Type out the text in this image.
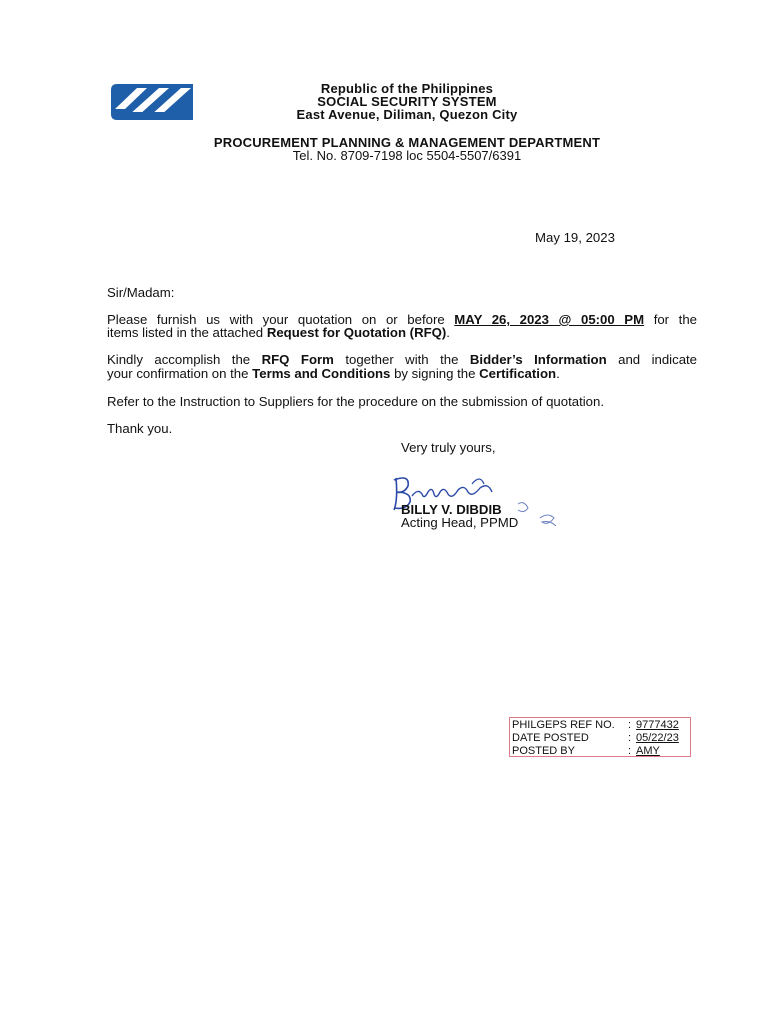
Republic of the Philippines

SOCIAL SECURITY SYSTEM

East Avenue, Diliman, Quezon City

PROCUREMENT PLANNING & MANAGEMENT DEPARTMENT

Tel. No. 8709-7198 loc 5504-5507/6391

May 19, 2023

Sir/Madam:

Please furnish us with your quotation on or before MAY 26, 2023 @ 05:00 PM for the

items listed in the attached Request for Quotation (RFQ).

Kindly accomplish the RFQ Form together with the Bidder’s Information and indicate

your confirmation on the Terms and Conditions by signing the Certification.

Refer to the Instruction to Suppliers for the procedure on the submission of quotation.

Thank you.

Very truly yours,

BILLY V. DIBDIB

Acting Head, PPMD

PHILGEPS REF NO.	: 9777432
DATE POSTED	: 05/22/23
POSTED BY	: AMY
